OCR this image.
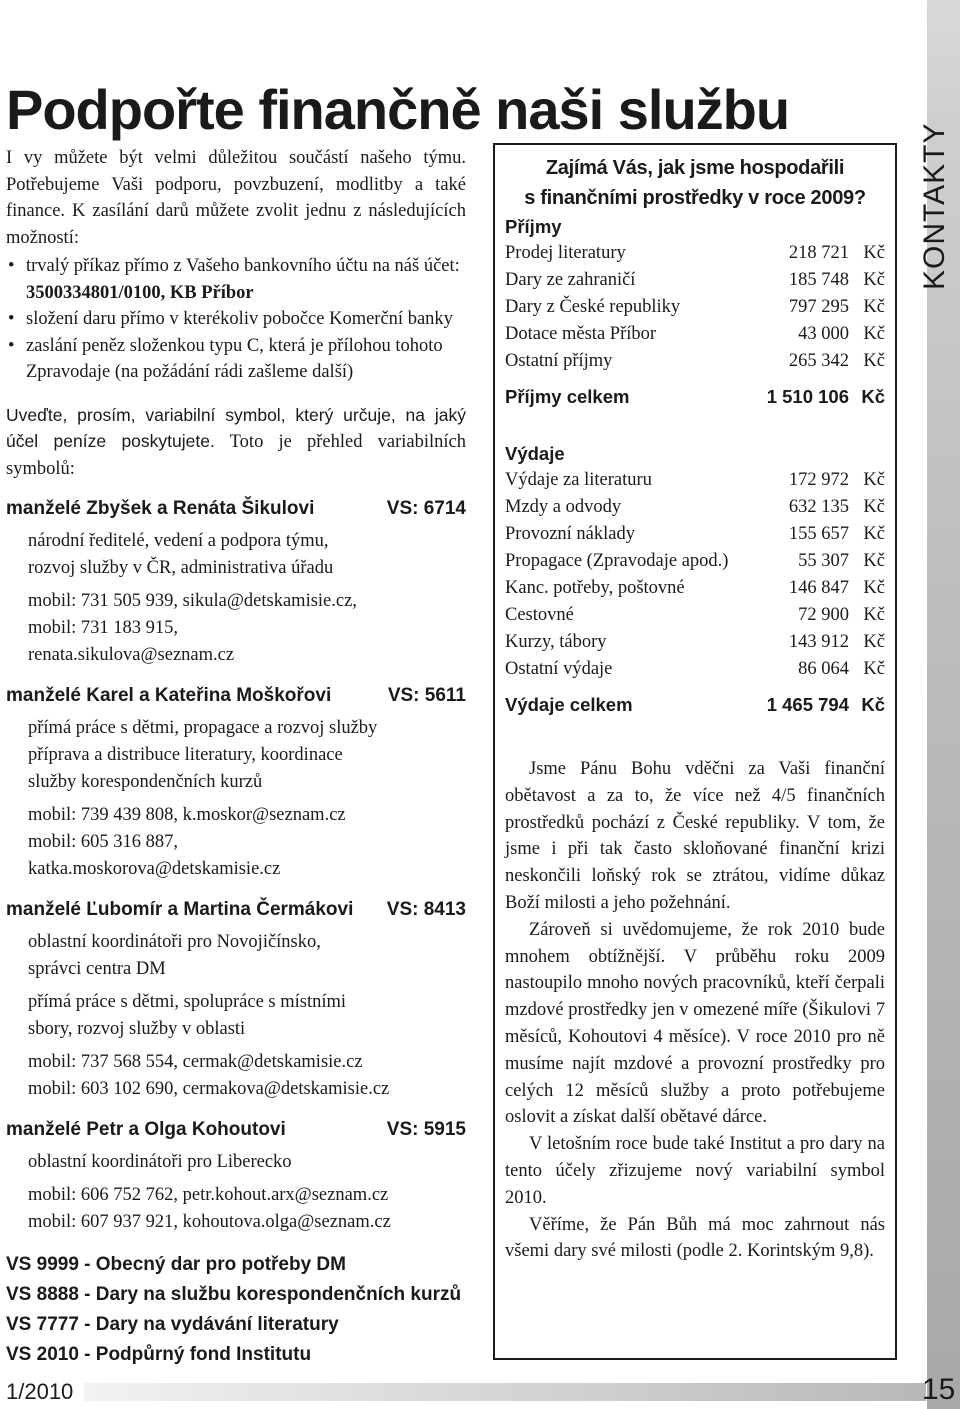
KONTAKTY
Podpořte finančně naši službu

I vy můžete být velmi důležitou součástí našeho týmu. Potřebujeme Vaši podporu, povzbuzení, modlitby a také finance. K zasílání darů můžete zvolit jednu z následujících možností:

• trvalý příkaz přímo z Vašeho bankovního účtu na náš účet: 3500334801/0100, KB Příbor
• složení daru přímo v kterékoliv pobočce Komerční banky
• zaslání peněz složenkou typu C, která je přílohou tohoto Zpravodaje (na požádání rádi zašleme další)

Uveďte, prosím, variabilní symbol, který určuje, na jaký účel peníze poskytujete. Toto je přehled variabilních symbolů:

manželé Zbyšek a Renáta Šikulovi	VS: 6714
národní ředitelé, vedení a podpora týmu,
rozvoj služby v ČR, administrativa úřadu
mobil: 731 505 939, sikula@detskamisie.cz,
mobil: 731 183 915,
renata.sikulova@seznam.cz
manželé Karel a Kateřina Moškořovi	VS: 5611
přímá práce s dětmi, propagace a rozvoj služby
příprava a distribuce literatury, koordinace
služby korespondenčních kurzů
mobil: 739 439 808, k.moskor@seznam.cz
mobil: 605 316 887,
katka.moskorova@detskamisie.cz
manželé Ľubomír a Martina Čermákovi VS: 8413
oblastní koordinátoři pro Novojičínsko,
správci centra DM
přímá práce s dětmi, spolupráce s místními
sbory, rozvoj služby v oblasti
mobil: 737 568 554, cermak@detskamisie.cz
mobil: 603 102 690, cermakova@detskamisie.cz
manželé Petr a Olga Kohoutovi	VS: 5915
oblastní koordinátoři pro Liberecko
mobil: 606 752 762, petr.kohout.arx@seznam.cz
mobil: 607 937 921, kohoutova.olga@seznam.cz
VS 9999 - Obecný dar pro potřeby DM
VS 8888 - Dary na službu korespondenčních kurzů
VS 7777 - Dary na vydávání literatury
VS 2010 - Podpůrný fond Institutu
Zajímá Vás, jak jsme hospodařili
s finančními prostředky v roce 2009?
Příjmy
Prodej literatury	218 721 Kč
Dary ze zahraničí	185 748 Kč
Dary z České republiky	797 295 Kč
Dotace města Příbor	43 000 Kč
Ostatní příjmy	265 342 Kč
Příjmy celkem	1 510 106 Kč
Výdaje
Výdaje za literaturu	172 972 Kč
Mzdy a odvody	632 135 Kč
Provozní náklady	155 657 Kč
Propagace (Zpravodaje apod.)	55 307 Kč
Kanc. potřeby, poštovné	146 847 Kč
Cestovné	72 900 Kč
Kurzy, tábory	143 912 Kč
Ostatní výdaje	86 064 Kč
Výdaje celkem	1 465 794 Kč

Jsme Pánu Bohu vděčni za Vaši finanční obětavost a za to, že více než 4/5 finančních prostředků pochází z České republiky. V tom, že jsme i při tak často skloňované finanční krizi neskončili loňský rok se ztrátou, vidíme důkaz Boží milosti a jeho požehnání.

Zároveň si uvědomujeme, že rok 2010 bude mnohem obtížnější. V průběhu roku 2009 nastoupilo mnoho nových pracovníků, kteří čerpali mzdové prostředky jen v omezené míře (Šikulovi 7 měsíců, Kohoutovi 4 měsíce). V roce 2010 pro ně musíme najít mzdové a provozní prostředky pro celých 12 měsíců služby a proto potřebujeme oslovit a získat další obětavé dárce.

V letošním roce bude také Institut a pro dary na tento účely zřizujeme nový variabilní symbol 2010.

Věříme, že Pán Bůh má moc zahrnout nás všemi dary své milosti (podle 2. Korintským 9,8).

1/2010	15
